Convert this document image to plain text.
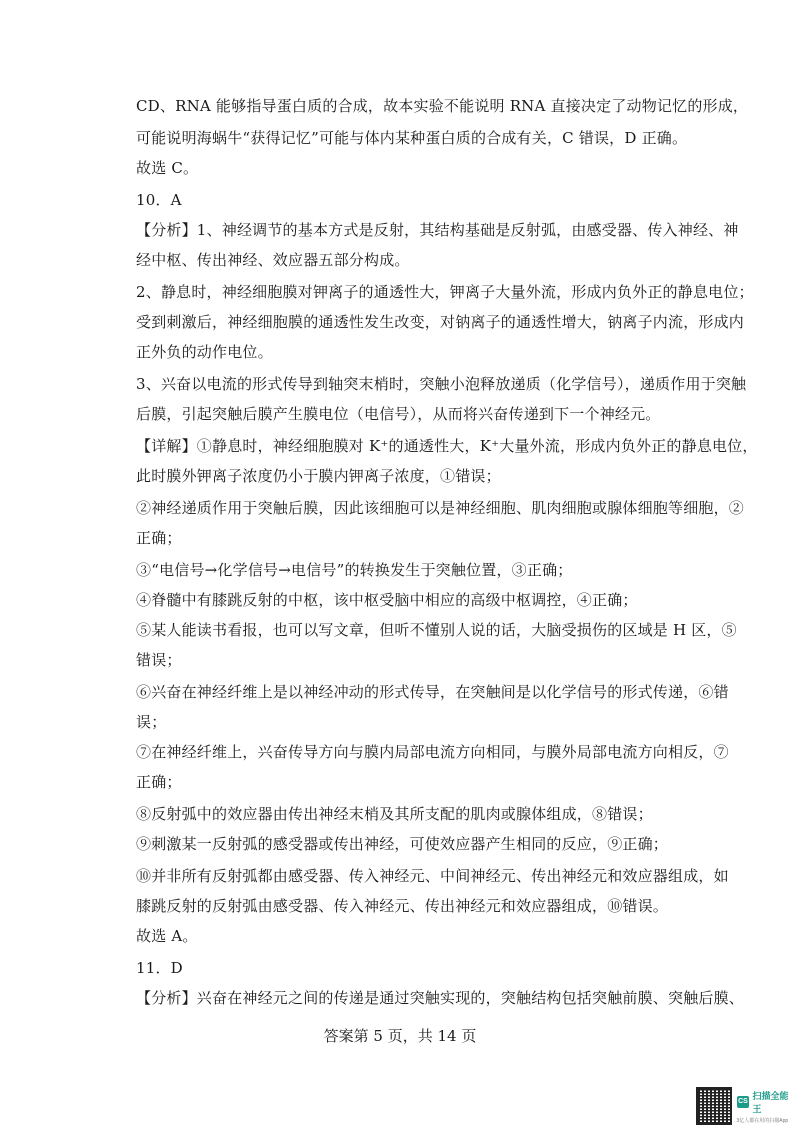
CD、RNA 能够指导蛋白质的合成，故本实验不能说明 RNA 直接决定了动物记忆的形成，
可能说明海蜗牛“获得记忆”可能与体内某种蛋白质的合成有关，C 错误，D 正确。
故选 C。
10．A
【分析】1、神经调节的基本方式是反射，其结构基础是反射弧，由感受器、传入神经、神
经中枢、传出神经、效应器五部分构成。
2、静息时，神经细胞膜对钾离子的通透性大，钾离子大量外流，形成内负外正的静息电位；
受到刺激后，神经细胞膜的通透性发生改变，对钠离子的通透性增大，钠离子内流，形成内
正外负的动作电位。
3、兴奋以电流的形式传导到轴突末梢时，突触小泡释放递质（化学信号），递质作用于突触
后膜，引起突触后膜产生膜电位（电信号），从而将兴奋传递到下一个神经元。
【详解】①静息时，神经细胞膜对 K⁺的通透性大，K⁺大量外流，形成内负外正的静息电位，
此时膜外钾离子浓度仍小于膜内钾离子浓度，①错误；
②神经递质作用于突触后膜，因此该细胞可以是神经细胞、肌肉细胞或腺体细胞等细胞，②
正确；
③“电信号→化学信号→电信号”的转换发生于突触位置，③正确；
④脊髓中有膝跳反射的中枢，该中枢受脑中相应的高级中枢调控，④正确；
⑤某人能读书看报，也可以写文章，但听不懂别人说的话，大脑受损伤的区域是 H 区，⑤
错误；
⑥兴奋在神经纤维上是以神经冲动的形式传导，在突触间是以化学信号的形式传递，⑥错
误；
⑦在神经纤维上，兴奋传导方向与膜内局部电流方向相同，与膜外局部电流方向相反，⑦
正确；
⑧反射弧中的效应器由传出神经末梢及其所支配的肌肉或腺体组成，⑧错误；
⑨刺激某一反射弧的感受器或传出神经，可使效应器产生相同的反应，⑨正确；
⑩并非所有反射弧都由感受器、传入神经元、中间神经元、传出神经元和效应器组成，如
膝跳反射的反射弧由感受器、传入神经元、传出神经元和效应器组成，⑩错误。
故选 A。
11．D
【分析】兴奋在神经元之间的传递是通过突触实现的，突触结构包括突触前膜、突触后膜、
答案第 5 页，共 14 页
CS
扫描全能王
3亿人都在用的扫描App
